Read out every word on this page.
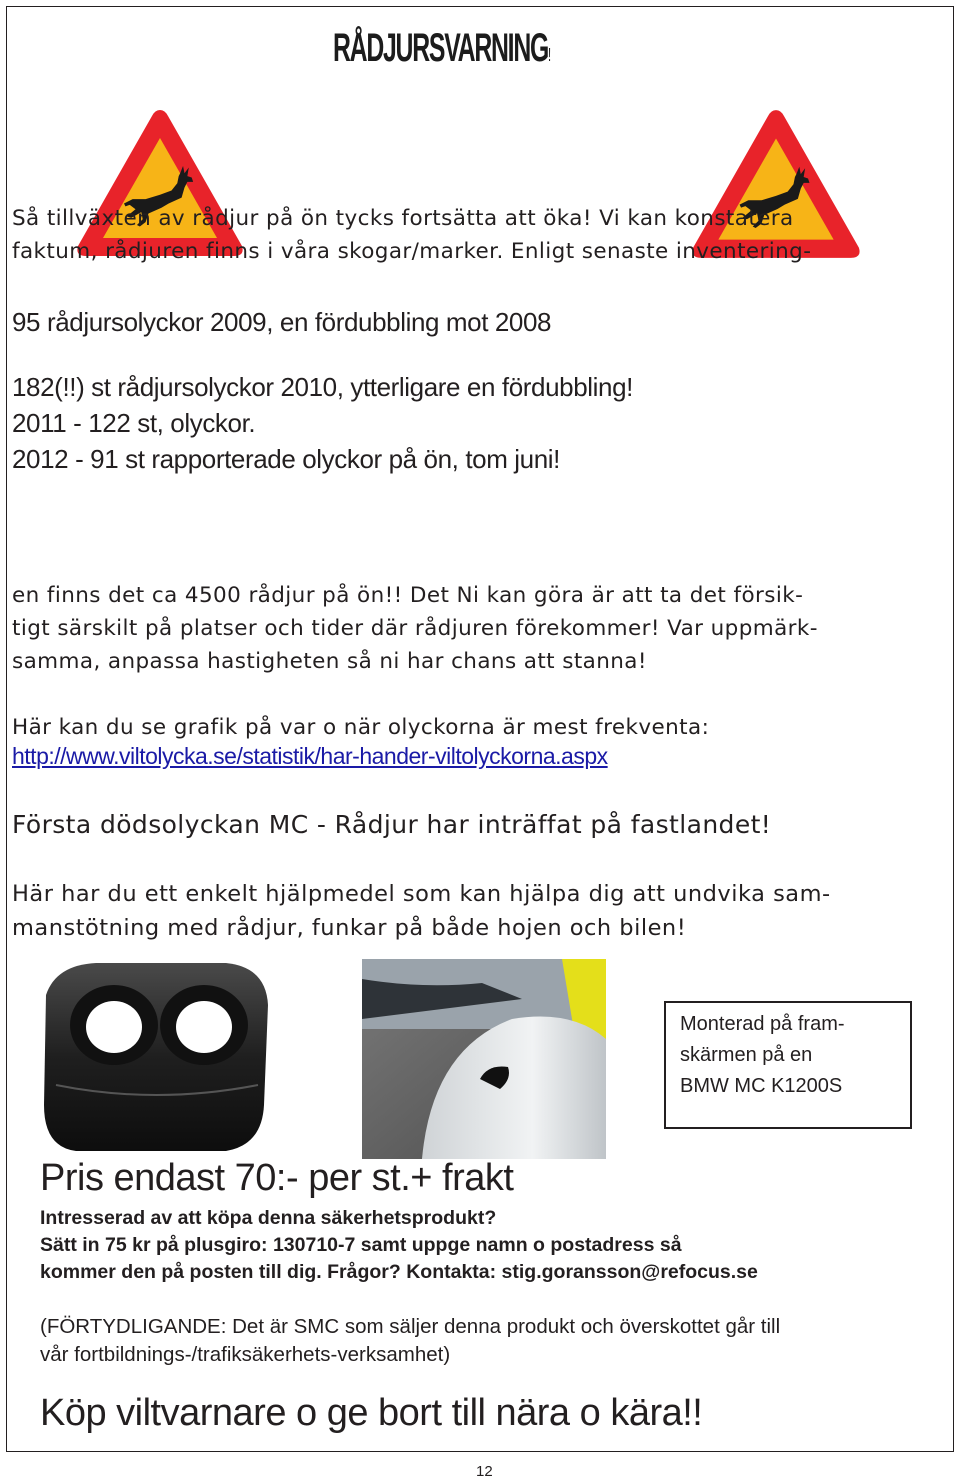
RÅDJURSVARNING!
95 rådjursolyckor 2009, en fördubbling mot 2008
182(!!) st rådjursolyckor 2010, ytterligare en fördubbling!
2011 - 122 st, olyckor.
2012 - 91 st rapporterade olyckor på ön, tom juni!
Så tillväxten av rådjur på ön tycks fortsätta att öka! Vi kan konstatera
faktum, rådjuren finns i våra skogar/marker. Enligt senaste inventering-
en finns det ca 4500 rådjur på ön!! Det Ni kan göra är att ta det försik-
tigt särskilt på platser och tider där rådjuren förekommer! Var uppmärk-
samma, anpassa hastigheten så ni har chans att stanna!
Här kan du se grafik på var o när olyckorna är mest frekventa:
http://www.viltolycka.se/statistik/har-hander-viltolyckorna.aspx
Första dödsolyckan MC - Rådjur har inträffat på fastlandet!
Här har du ett enkelt hjälpmedel som kan hjälpa dig att undvika sam-
manstötning med rådjur, funkar på både hojen och bilen!
Monterad på fram-
skärmen på en
BMW MC K1200S
Pris endast 70:- per st.+ frakt
Intresserad av att köpa denna säkerhetsprodukt?
Sätt in 75 kr på plusgiro: 130710-7 samt uppge namn o postadress så
kommer den på posten till dig. Frågor? Kontakta: stig.goransson@refocus.se
(FÖRTYDLIGANDE: Det är SMC som säljer denna produkt och överskottet går till
vår fortbildnings-/trafiksäkerhets-verksamhet)
Köp viltvarnare o ge bort till nära o kära!!
12
